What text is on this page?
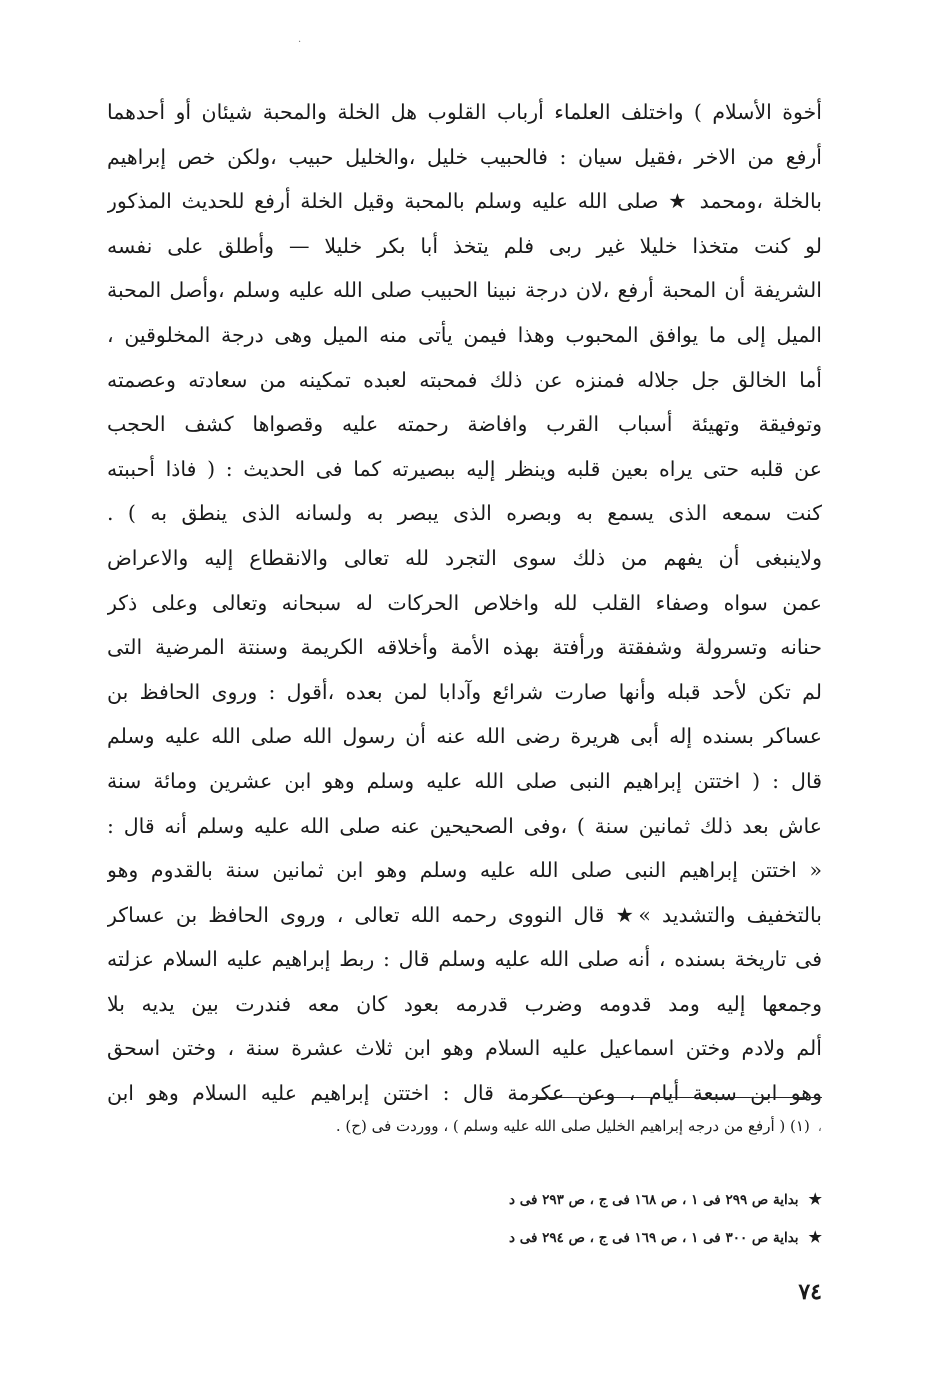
·
أخوة الأسلام ) واختلف العلماء أرباب القلوب هل الخلة والمحبة شيئان أو أحدهما
أرفع من الاخر ،فقيل سيان : فالحبيب خليل ،والخليل حبيب ،ولكن خص إبراهيم
بالخلة ،ومحمد ★ صلى الله عليه وسلم بالمحبة وقيل الخلة أرفع للحديث المذكور
لو كنت متخذا خليلا غير ربى فلم يتخذ أبا بكر خليلا — وأطلق على نفسه
الشريفة أن المحبة أرفع ،لان درجة نبينا الحبيب صلى الله عليه وسلم ،وأصل المحبة
الميل إلى ما يوافق المحبوب وهذا فيمن يأتى منه الميل وهى درجة المخلوقين ،
أما الخالق جل جلاله فمنزه عن ذلك فمحبته لعبده تمكينه من سعادته وعصمته
وتوفيقة وتهيئة أسباب القرب وافاضة رحمته عليه وقصواها كشف الحجب
عن قلبه حتى يراه بعين قلبه وينظر إليه ببصيرته كما فى الحديث : ( فاذا أحببته
كنت سمعه الذى يسمع به وبصره الذى يبصر به ولسانه الذى ينطق به ) .
ولاينبغى أن يفهم من ذلك سوى التجرد لله تعالى والانقطاع إليه والاعراض
عمن سواه وصفاء القلب لله واخلاص الحركات له سبحانه وتعالى وعلى ذكر
حنانه وتسرولة وشفقتة ورأفتة بهذه الأمة وأخلاقه الكريمة وسنتة المرضية التى
لم تكن لأحد قبله وأنها صارت شرائع وآدابا لمن بعده ،أقول : وروى الحافظ بن
عساكر بسنده إله أبى هريرة رضى الله عنه أن رسول الله صلى الله عليه وسلم
قال : ( اختتن إبراهيم النبى صلى الله عليه وسلم وهو ابن عشرين ومائة سنة
عاش بعد ذلك ثمانين سنة ) ،وفى الصحيحين عنه صلى الله عليه وسلم أنه قال :
« اختتن إبراهيم النبى صلى الله عليه وسلم وهو ابن ثمانين سنة بالقدوم وهو
بالتخفيف والتشديد »★ قال النووى رحمه الله تعالى ، وروى الحافظ بن عساكر
فى تاريخة بسنده ، أنه صلى الله عليه وسلم قال : ربط إبراهيم عليه السلام عزلته
وجمعها إليه ومد قدومه وضرب قدرمه بعود كان معه فندرت بين يديه بلا
ألم ولادم وختن اسماعيل عليه السلام وهو ابن ثلاث عشرة سنة ، وختن اسحق
وهو ابن سبعة أيام ، وعن عكرمة قال : اختتن إبراهيم عليه السلام وهو ابن
،(١) ( أرفع من درجه إبراهيم الخليل صلى الله عليه وسلم ) ، ووردت فى (ح) .
★بداية ص ٢٩٩ فى ١ ، ص ١٦٨ فى ج ، ص ٢٩٣ فى د
★بداية ص ٣٠٠ فى ١ ، ص ١٦٩ فى ج ، ص ٢٩٤ فى د
٧٤
